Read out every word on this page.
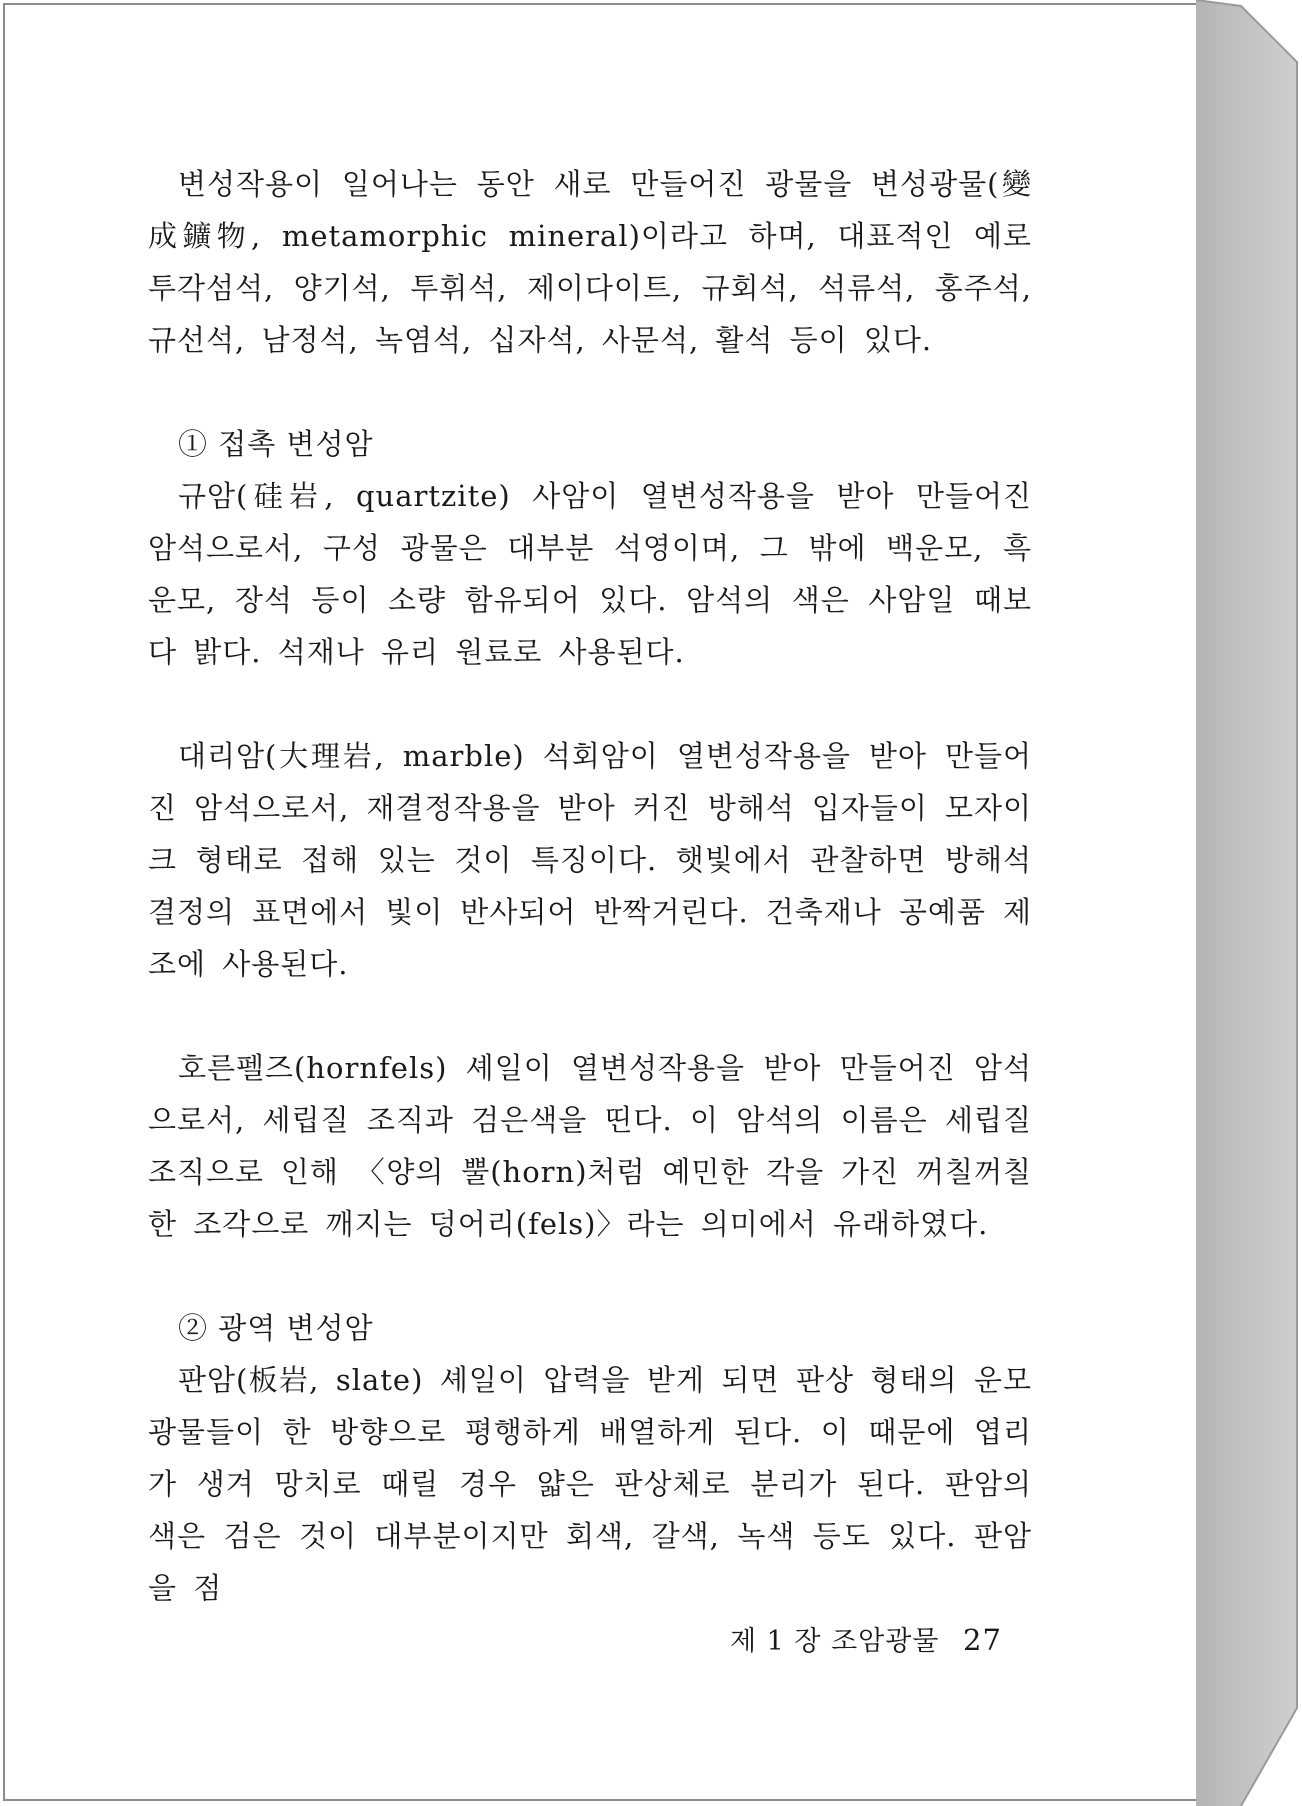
변성작용이 일어나는 동안 새로 만들어진 광물을 변성광물(變成鑛物, metamorphic mineral)이라고 하며, 대표적인 예로 투각섬석, 양기석, 투휘석, 제이다이트, 규회석, 석류석, 홍주석, 규선석, 남정석, 녹염석, 십자석, 사문석, 활석 등이 있다.

① 접촉 변성암

규암(硅岩, quartzite) 사암이 열변성작용을 받아 만들어진 암석으로서, 구성 광물은 대부분 석영이며, 그 밖에 백운모, 흑운모, 장석 등이 소량 함유되어 있다. 암석의 색은 사암일 때보다 밝다. 석재나 유리 원료로 사용된다.

대리암(大理岩, marble) 석회암이 열변성작용을 받아 만들어진 암석으로서, 재결정작용을 받아 커진 방해석 입자들이 모자이크 형태로 접해 있는 것이 특징이다. 햇빛에서 관찰하면 방해석 결정의 표면에서 빛이 반사되어 반짝거린다. 건축재나 공예품 제조에 사용된다.

호른펠즈(hornfels) 셰일이 열변성작용을 받아 만들어진 암석으로서, 세립질 조직과 검은색을 띤다. 이 암석의 이름은 세립질 조직으로 인해 〈양의 뿔(horn)처럼 예민한 각을 가진 꺼칠꺼칠한 조각으로 깨지는 덩어리(fels)〉라는 의미에서 유래하였다.

② 광역 변성암

판암(板岩, slate) 셰일이 압력을 받게 되면 판상 형태의 운모 광물들이 한 방향으로 평행하게 배열하게 된다. 이 때문에 엽리가 생겨 망치로 때릴 경우 얇은 판상체로 분리가 된다. 판암의 색은 검은 것이 대부분이지만 회색, 갈색, 녹색 등도 있다. 판암을 점

제 1 장 조암광물 27
